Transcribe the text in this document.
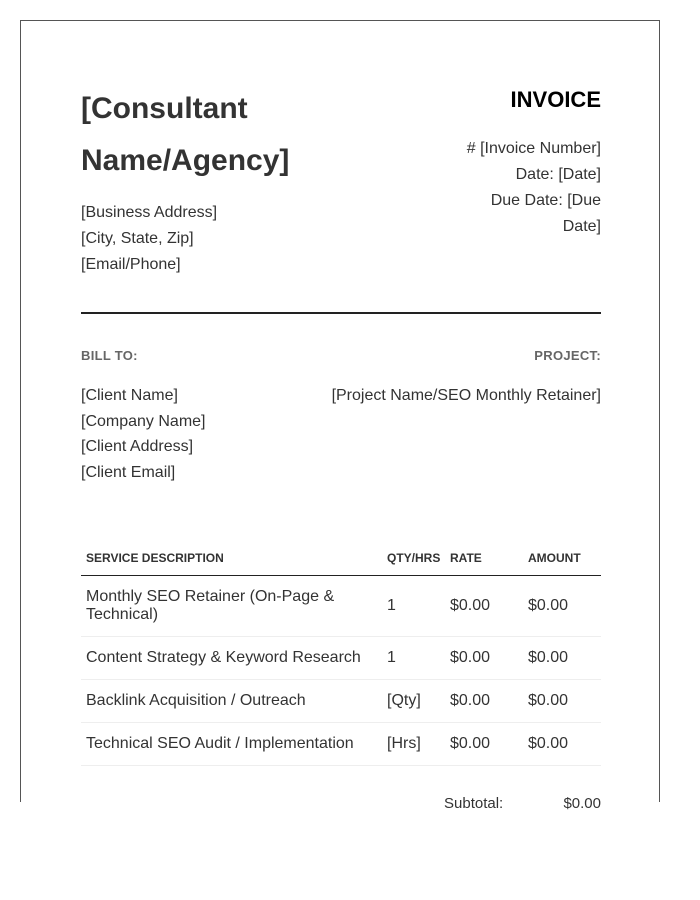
[Consultant Name/Agency]
[Business Address]
[City, State, Zip]
[Email/Phone]
INVOICE
# [Invoice Number]
Date: [Date]
Due Date: [Due Date]
BILL TO:	PROJECT:
[Client Name]
[Company Name]
[Client Address]
[Client Email]
[Project Name/SEO Monthly Retainer]
SERVICE DESCRIPTION	QTY/HRS	RATE	AMOUNT
Monthly SEO Retainer (On-Page & Technical)	1	$0.00	$0.00
Content Strategy & Keyword Research	1	$0.00	$0.00
Backlink Acquisition / Outreach	[Qty]	$0.00	$0.00
Technical SEO Audit / Implementation	[Hrs]	$0.00	$0.00
Subtotal:	$0.00
